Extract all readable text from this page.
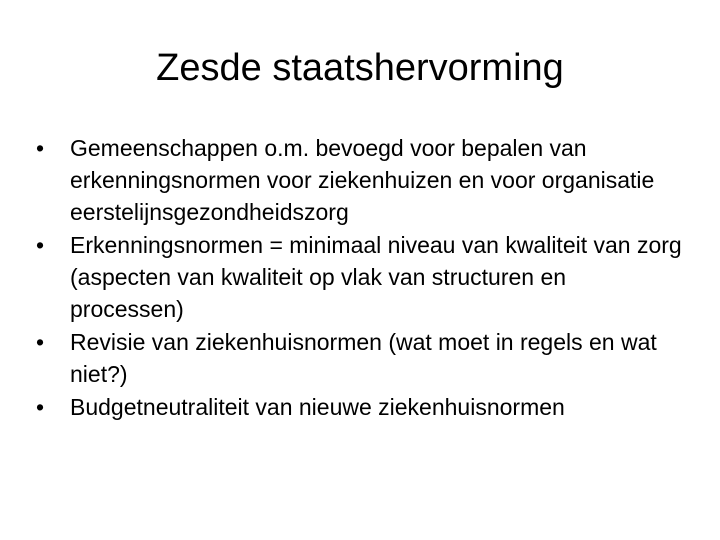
Zesde staatshervorming
•	Gemeenschappen o.m. bevoegd voor bepalen van erkenningsnormen voor ziekenhuizen en voor organisatie eerstelijnsgezondheidszorg
•	Erkenningsnormen = minimaal niveau van kwaliteit van zorg (aspecten van kwaliteit op vlak van structuren en processen)
•	Revisie van ziekenhuisnormen (wat moet in regels en wat niet?)
•	Budgetneutraliteit van nieuwe ziekenhuisnormen
